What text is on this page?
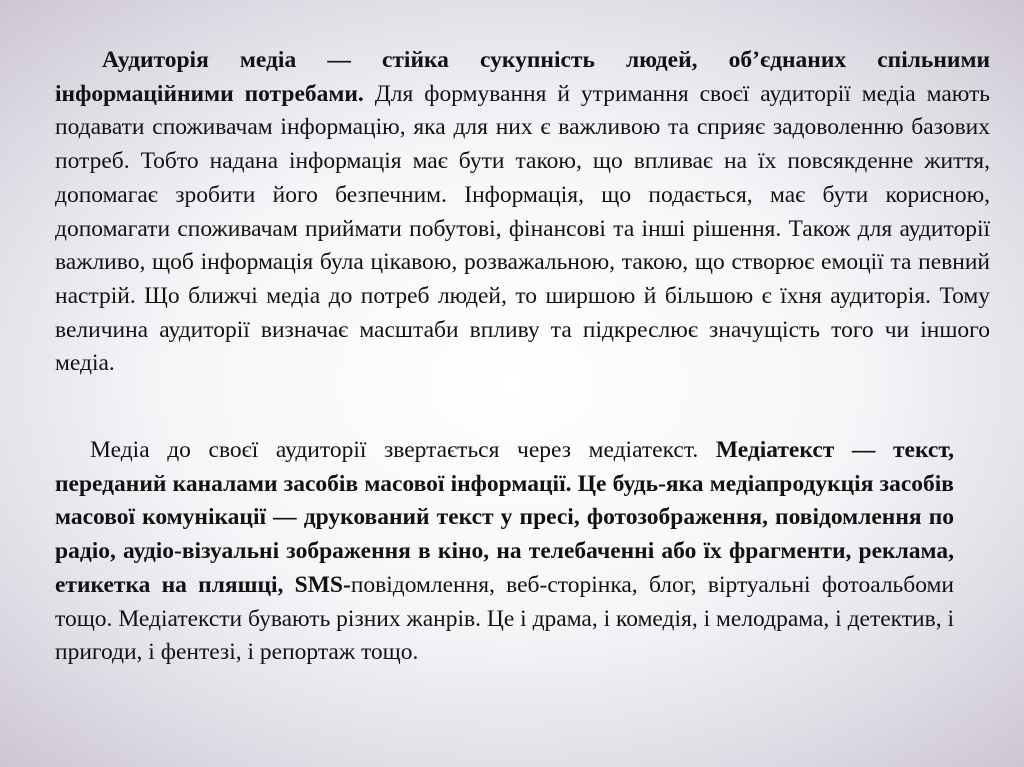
Аудиторія медіа — стійка сукупність людей, об’єднаних спільними інформаційними потребами. Для формування й утримання своєї аудиторії медіа мають подавати споживачам інформацію, яка для них є важливою та сприяє задоволенню базових потреб. Тобто надана інформація має бути такою, що впливає на їх повсякденне життя, допомагає зробити його безпечним. Інформація, що подається, має бути корисною, допомагати споживачам приймати побутові, фінансові та інші рішення. Також для аудиторії важливо, щоб інформація була цікавою, розважальною, такою, що створює емоції та певний настрій. Що ближчі медіа до потреб людей, то ширшою й більшою є їхня аудиторія. Тому величина аудиторії визначає масштаби впливу та підкреслює значущість того чи іншого медіа.

Медіа до своєї аудиторії звертається через медіатекст. Медіатекст — текст, переданий каналами засобів масової інформації. Це будь-яка медіапродукція засобів масової комунікації — друкований текст у пресі, фотозображення, повідомлення по радіо, аудіо-візуальні зображення в кіно, на телебаченні або їх фрагменти, реклама, етикетка на пляшці, SMS-повідомлення, веб-сторінка, блог, віртуальні фотоальбоми тощо. Медіатексти бувають різних жанрів. Це і драма, і комедія, і мелодрама, і детектив, і пригоди, і фентезі, і репортаж тощо.
